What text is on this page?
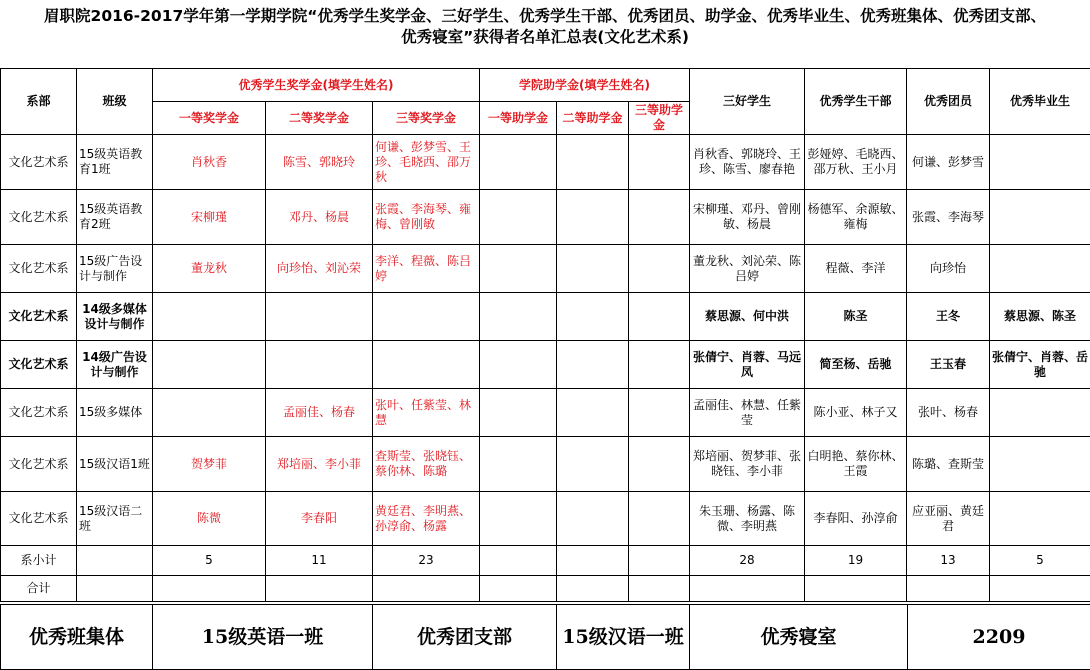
眉职院2016-2017学年第一学期学院“优秀学生奖学金、三好学生、优秀学生干部、优秀团员、助学金、优秀毕业生、优秀班集体、优秀团支部、
优秀寝室”获得者名单汇总表(文化艺术系)
系部	班级	优秀学生奖学金(填学生姓名)			学院助学金(填学生姓名)			三好学生	优秀学生干部	优秀团员	优秀毕业生
		一等奖学金	二等奖学金	三等奖学金	一等助学金	二等助学金	三等助学金				
文化艺术系	15级英语教育1班	肖秋香	陈雪、郭晓玲	何谦、彭梦雪、王珍、毛晓西、邵万秋				肖秋香、郭晓玲、王珍、陈雪、廖春艳	彭娅婷、毛晓西、邵万秋、王小月	何谦、彭梦雪	
文化艺术系	15级英语教育2班	宋柳瑾	邓丹、杨晨	张霞、李海琴、雍梅、曾刚敏				宋柳瑾、邓丹、曾刚敏、杨晨	杨德军、余源敏、雍梅	张霞、李海琴	
文化艺术系	15级广告设计与制作	董龙秋	向珍怡、刘沁荣	李洋、程薇、陈吕婷				董龙秋、刘沁荣、陈吕婷	程薇、李洋	向珍怡	
文化艺术系	14级多媒体设计与制作							蔡思源、何中洪	陈圣	王冬	蔡思源、陈圣
文化艺术系	14级广告设计与制作							张倩宁、肖蓉、马远凤	简至杨、岳驰	王玉春	张倩宁、肖蓉、岳驰
文化艺术系	15级多媒体		孟丽佳、杨春	张叶、任紫莹、林慧				孟丽佳、林慧、任紫莹	陈小亚、林子又	张叶、杨春	
文化艺术系	15级汉语1班	贺梦菲	郑培丽、李小菲	查斯莹、张晓钰、蔡你林、陈璐				郑培丽、贺梦菲、张晓钰、李小菲	白明艳、蔡你林、王霞	陈璐、查斯莹	
文化艺术系	15级汉语二班	陈微	李春阳	黄廷君、李明燕、孙淳俞、杨露				朱玉珊、杨露、陈微、李明燕	李春阳、孙淳俞	应亚丽、黄廷君	
系小计		5	11	23				28	19	13	5
合计											
优秀班集体	15级英语一班	优秀团支部	15级汉语一班	优秀寝室	2209
